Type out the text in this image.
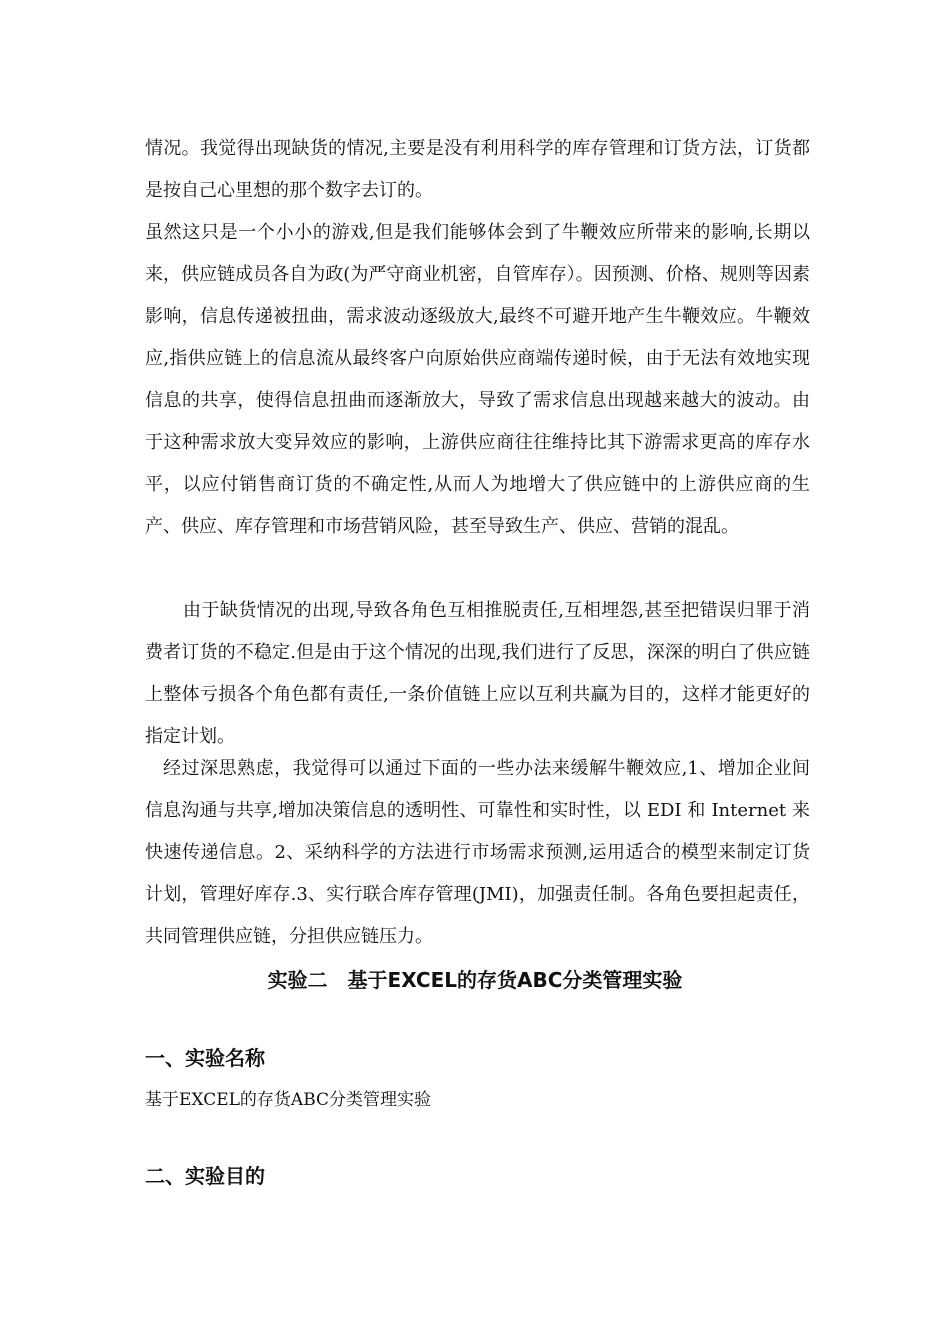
情况。我觉得出现缺货的情况,主要是没有利用科学的库存管理和订货方法，订货都是按自己心里想的那个数字去订的。

虽然这只是一个小小的游戏,但是我们能够体会到了牛鞭效应所带来的影响,长期以来，供应链成员各自为政(为严守商业机密，自管库存）。因预测、价格、规则等因素影响，信息传递被扭曲，需求波动逐级放大,最终不可避开地产生牛鞭效应。牛鞭效应,指供应链上的信息流从最终客户向原始供应商端传递时候，由于无法有效地实现信息的共享，使得信息扭曲而逐渐放大，导致了需求信息出现越来越大的波动。由于这种需求放大变异效应的影响，上游供应商往往维持比其下游需求更高的库存水平，以应付销售商订货的不确定性,从而人为地增大了供应链中的上游供应商的生产、供应、库存管理和市场营销风险，甚至导致生产、供应、营销的混乱。

由于缺货情况的出现,导致各角色互相推脱责任,互相埋怨,甚至把错误归罪于消费者订货的不稳定.但是由于这个情况的出现,我们进行了反思，深深的明白了供应链上整体亏损各个角色都有责任,一条价值链上应以互利共赢为目的，这样才能更好的指定计划。

经过深思熟虑，我觉得可以通过下面的一些办法来缓解牛鞭效应,1、增加企业间信息沟通与共享,增加决策信息的透明性、可靠性和实时性，以 EDI 和 Internet 来快速传递信息。2、采纳科学的方法进行市场需求预测,运用适合的模型来制定订货计划，管理好库存.3、实行联合库存管理(JMI)，加强责任制。各角色要担起责任，共同管理供应链，分担供应链压力。

实验二　基于EXCEL的存货ABC分类管理实验
一、实验名称

基于EXCEL的存货ABC分类管理实验

二、实验目的
